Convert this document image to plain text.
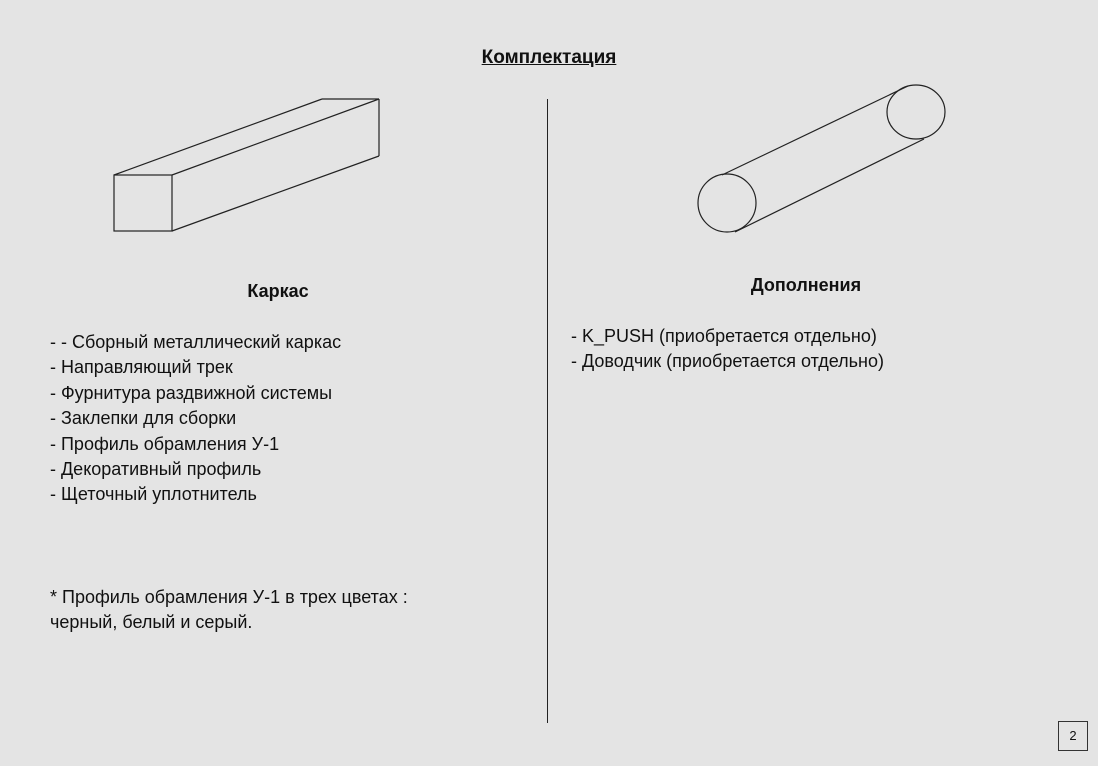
Комплектация
Каркас	Дополнения
- - Сборный металлический каркас
- Направляющий трек
- Фурнитура раздвижной системы
- Заклепки для сборки
- Профиль обрамления У-1
- Декоративный профиль
- Щеточный уплотнитель
- K_PUSH (приобретается отдельно)
- Доводчик (приобретается отдельно)
* Профиль обрамления У-1 в трех цветах :
черный, белый и серый.
2
